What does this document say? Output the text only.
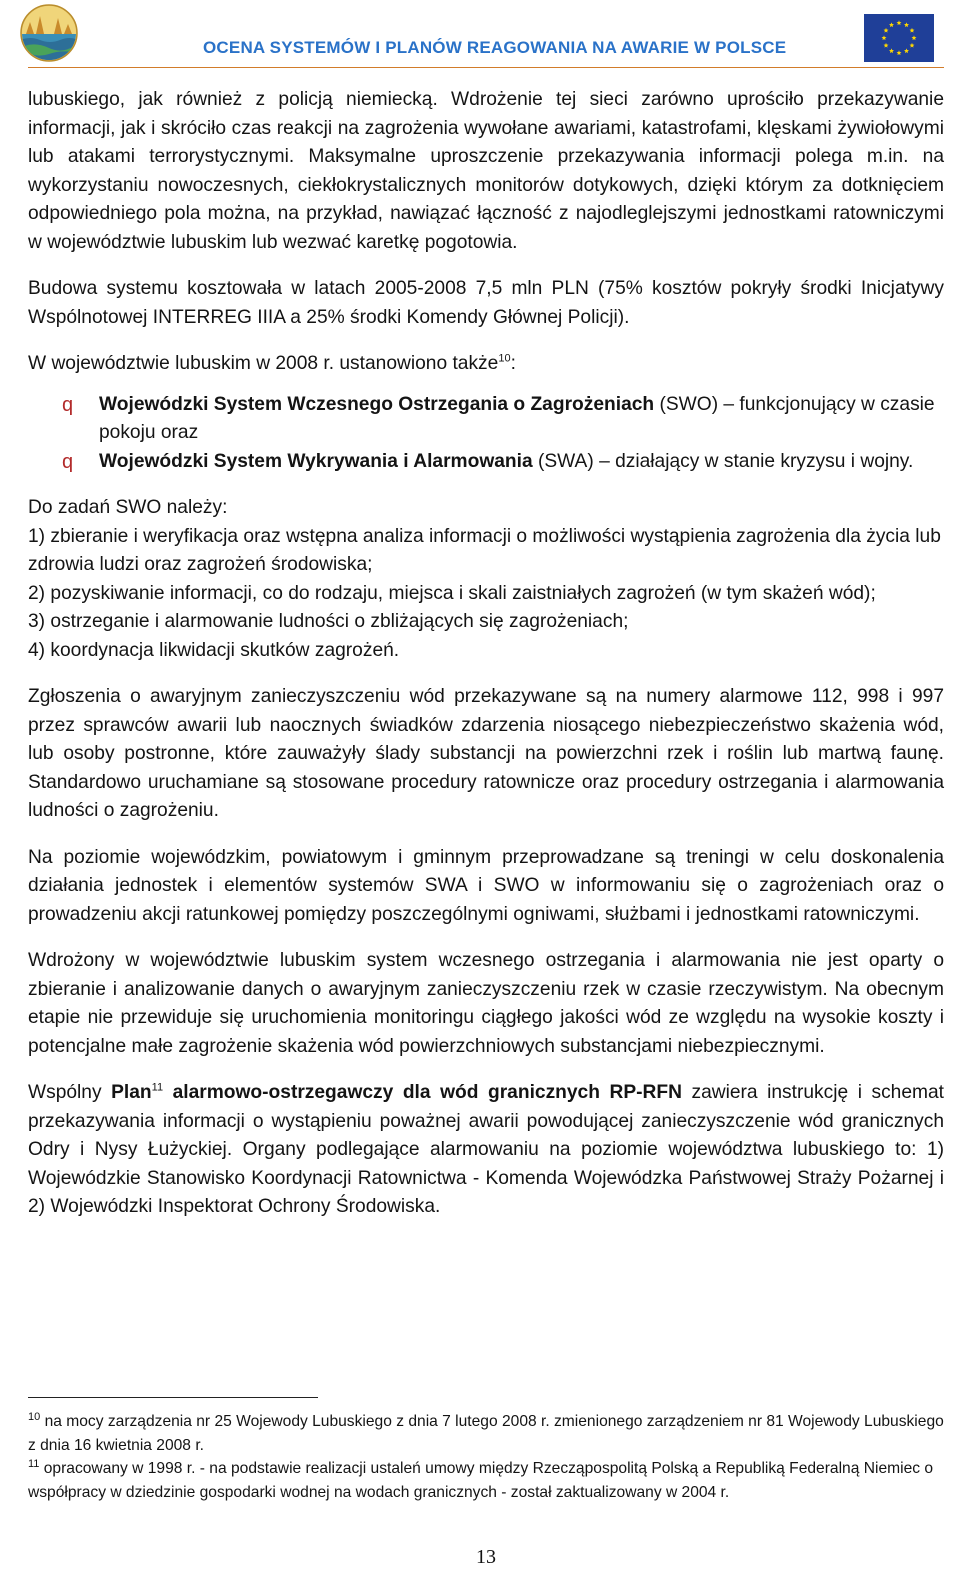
OCENA SYSTEMÓW I PLANÓW REAGOWANIA NA AWARIE W POLSCE

lubuskiego, jak również z policją niemiecką. Wdrożenie tej sieci zarówno uprościło przekazywanie informacji, jak i skróciło czas reakcji na zagrożenia wywołane awariami, katastrofami, klęskami żywiołowymi lub atakami terrorystycznymi. Maksymalne uproszczenie przekazywania informacji polega m.in. na wykorzystaniu nowoczesnych, ciekłokrystalicznych monitorów dotykowych, dzięki którym za dotknięciem odpowiedniego pola można, na przykład, nawiązać łączność z najodleglejszymi jednostkami ratowniczymi w województwie lubuskim lub wezwać karetkę pogotowia.

Budowa systemu kosztowała w latach 2005-2008 7,5 mln PLN (75% kosztów pokryły środki Inicjatywy Wspólnotowej INTERREG IIIA a 25% środki Komendy Głównej Policji).

W województwie lubuskim w 2008 r. ustanowiono także$^{10}$:

q Wojewódzki System Wczesnego Ostrzegania o Zagrożeniach (SWO) – funkcjonujący w czasie pokoju oraz

q Wojewódzki System Wykrywania i Alarmowania (SWA) – działający w stanie kryzysu i wojny.

Do zadań SWO należy:

1) zbieranie i weryfikacja oraz wstępna analiza informacji o możliwości wystąpienia zagrożenia dla życia lub zdrowia ludzi oraz zagrożeń środowiska;

2) pozyskiwanie informacji, co do rodzaju, miejsca i skali zaistniałych zagrożeń (w tym skażeń wód);

3) ostrzeganie i alarmowanie ludności o zbliżających się zagrożeniach;

4) koordynacja likwidacji skutków zagrożeń.

Zgłoszenia o awaryjnym zanieczyszczeniu wód przekazywane są na numery alarmowe 112, 998 i 997 przez sprawców awarii lub naocznych świadków zdarzenia niosącego niebezpieczeństwo skażenia wód, lub osoby postronne, które zauważyły ślady substancji na powierzchni rzek i roślin lub martwą faunę. Standardowo uruchamiane są stosowane procedury ratownicze oraz procedury ostrzegania i alarmowania ludności o zagrożeniu.

Na poziomie wojewódzkim, powiatowym i gminnym przeprowadzane są treningi w celu doskonalenia działania jednostek i elementów systemów SWA i SWO w informowaniu się o zagrożeniach oraz o prowadzeniu akcji ratunkowej pomiędzy poszczególnymi ogniwami, służbami i jednostkami ratowniczymi.

Wdrożony w województwie lubuskim system wczesnego ostrzegania i alarmowania nie jest oparty o zbieranie i analizowanie danych o awaryjnym zanieczyszczeniu rzek w czasie rzeczywistym. Na obecnym etapie nie przewiduje się uruchomienia monitoringu ciągłego jakości wód ze względu na wysokie koszty i potencjalne małe zagrożenie skażenia wód powierzchniowych substancjami niebezpiecznymi.

Wspólny Plan$^{11}$ alarmowo-ostrzegawczy dla wód granicznych RP-RFN zawiera instrukcję i schemat przekazywania informacji o wystąpieniu poważnej awarii powodującej zanieczyszczenie wód granicznych Odry i Nysy Łużyckiej. Organy podlegające alarmowaniu na poziomie województwa lubuskiego to: 1) Wojewódzkie Stanowisko Koordynacji Ratownictwa - Komenda Wojewódzka Państwowej Straży Pożarnej i 2) Wojewódzki Inspektorat Ochrony Środowiska.

$^{10}$ na mocy zarządzenia nr 25 Wojewody Lubuskiego z dnia 7 lutego 2008 r. zmienionego zarządzeniem nr 81 Wojewody Lubuskiego z dnia 16 kwietnia 2008 r.

$^{11}$ opracowany w 1998 r. - na podstawie realizacji ustaleń umowy między Rzecząpospolitą Polską a Republiką Federalną Niemiec o współpracy w dziedzinie gospodarki wodnej na wodach granicznych - został zaktualizowany w 2004 r.

13
